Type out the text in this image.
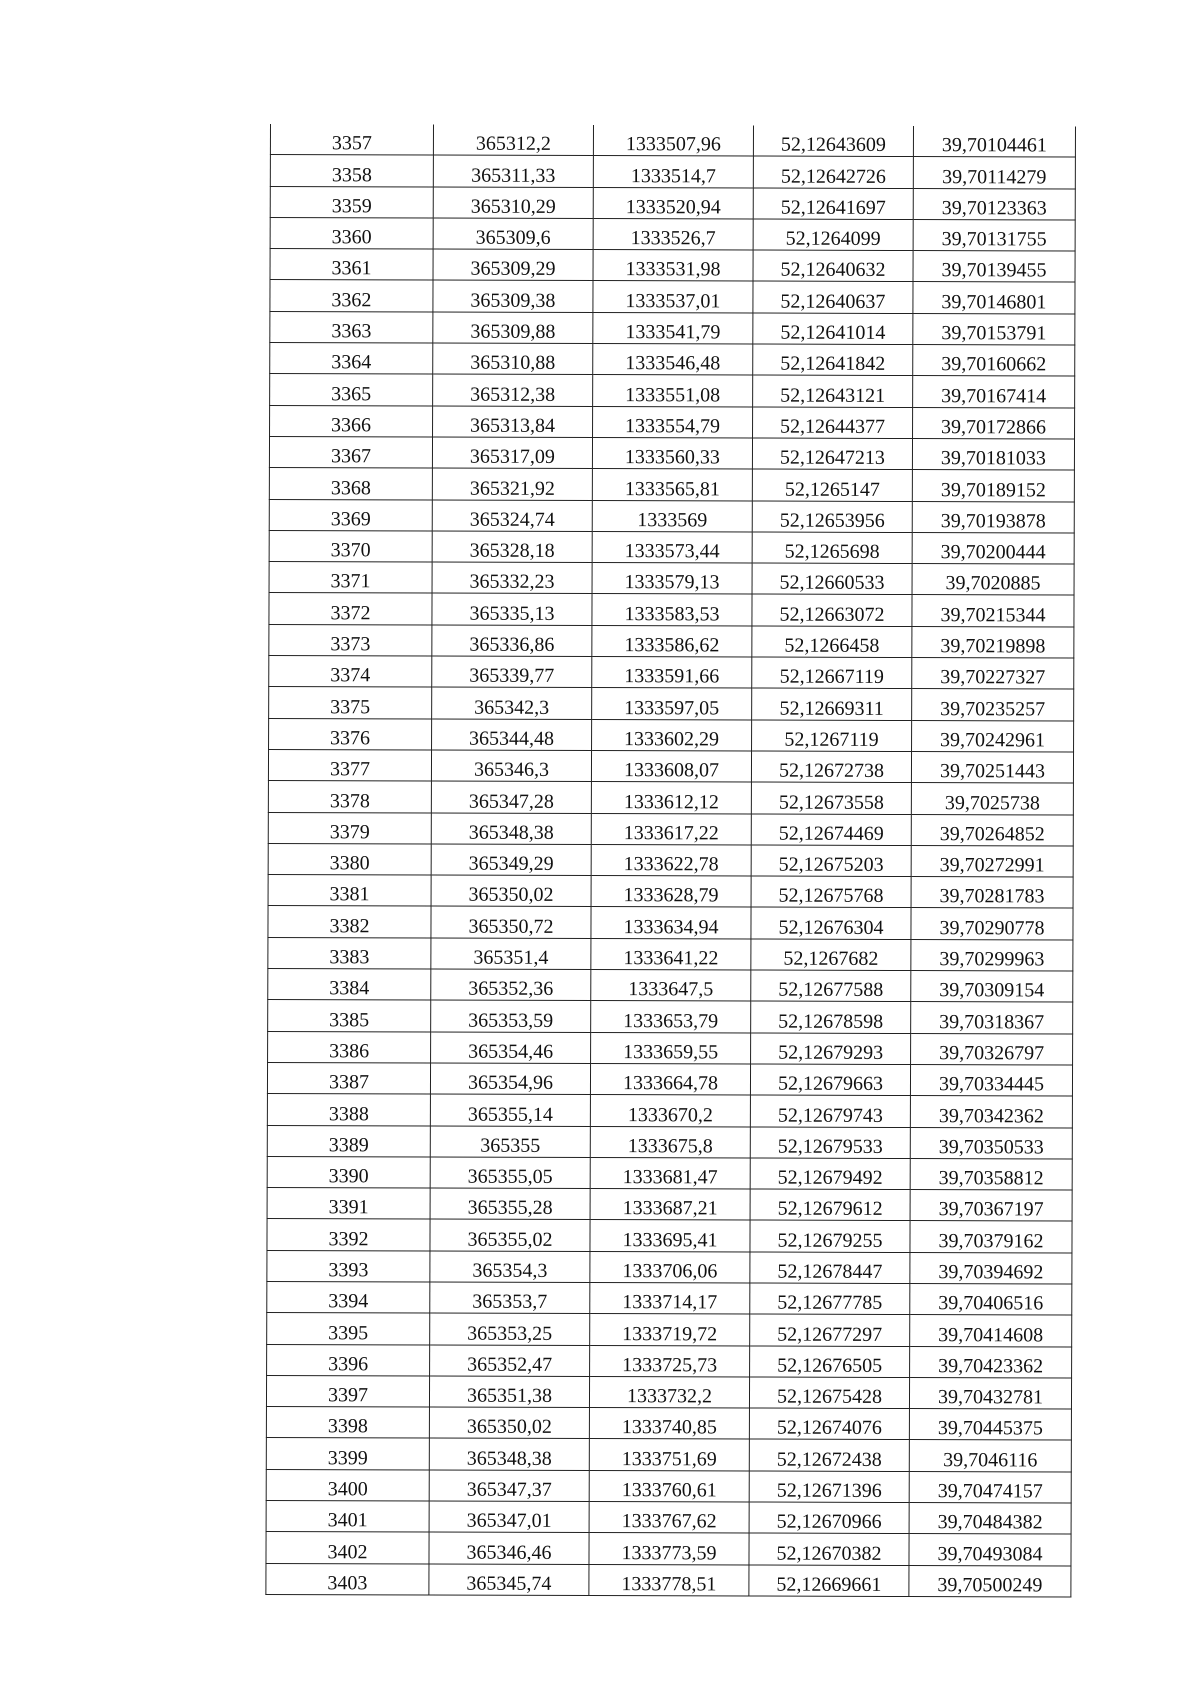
3357	365312,2	1333507,96	52,12643609	39,70104461
3358	365311,33	1333514,7	52,12642726	39,70114279
3359	365310,29	1333520,94	52,12641697	39,70123363
3360	365309,6	1333526,7	52,1264099	39,70131755
3361	365309,29	1333531,98	52,12640632	39,70139455
3362	365309,38	1333537,01	52,12640637	39,70146801
3363	365309,88	1333541,79	52,12641014	39,70153791
3364	365310,88	1333546,48	52,12641842	39,70160662
3365	365312,38	1333551,08	52,12643121	39,70167414
3366	365313,84	1333554,79	52,12644377	39,70172866
3367	365317,09	1333560,33	52,12647213	39,70181033
3368	365321,92	1333565,81	52,1265147	39,70189152
3369	365324,74	1333569	52,12653956	39,70193878
3370	365328,18	1333573,44	52,1265698	39,70200444
3371	365332,23	1333579,13	52,12660533	39,7020885
3372	365335,13	1333583,53	52,12663072	39,70215344
3373	365336,86	1333586,62	52,1266458	39,70219898
3374	365339,77	1333591,66	52,12667119	39,70227327
3375	365342,3	1333597,05	52,12669311	39,70235257
3376	365344,48	1333602,29	52,1267119	39,70242961
3377	365346,3	1333608,07	52,12672738	39,70251443
3378	365347,28	1333612,12	52,12673558	39,7025738
3379	365348,38	1333617,22	52,12674469	39,70264852
3380	365349,29	1333622,78	52,12675203	39,70272991
3381	365350,02	1333628,79	52,12675768	39,70281783
3382	365350,72	1333634,94	52,12676304	39,70290778
3383	365351,4	1333641,22	52,1267682	39,70299963
3384	365352,36	1333647,5	52,12677588	39,70309154
3385	365353,59	1333653,79	52,12678598	39,70318367
3386	365354,46	1333659,55	52,12679293	39,70326797
3387	365354,96	1333664,78	52,12679663	39,70334445
3388	365355,14	1333670,2	52,12679743	39,70342362
3389	365355	1333675,8	52,12679533	39,70350533
3390	365355,05	1333681,47	52,12679492	39,70358812
3391	365355,28	1333687,21	52,12679612	39,70367197
3392	365355,02	1333695,41	52,12679255	39,70379162
3393	365354,3	1333706,06	52,12678447	39,70394692
3394	365353,7	1333714,17	52,12677785	39,70406516
3395	365353,25	1333719,72	52,12677297	39,70414608
3396	365352,47	1333725,73	52,12676505	39,70423362
3397	365351,38	1333732,2	52,12675428	39,70432781
3398	365350,02	1333740,85	52,12674076	39,70445375
3399	365348,38	1333751,69	52,12672438	39,7046116
3400	365347,37	1333760,61	52,12671396	39,70474157
3401	365347,01	1333767,62	52,12670966	39,70484382
3402	365346,46	1333773,59	52,12670382	39,70493084
3403	365345,74	1333778,51	52,12669661	39,70500249
